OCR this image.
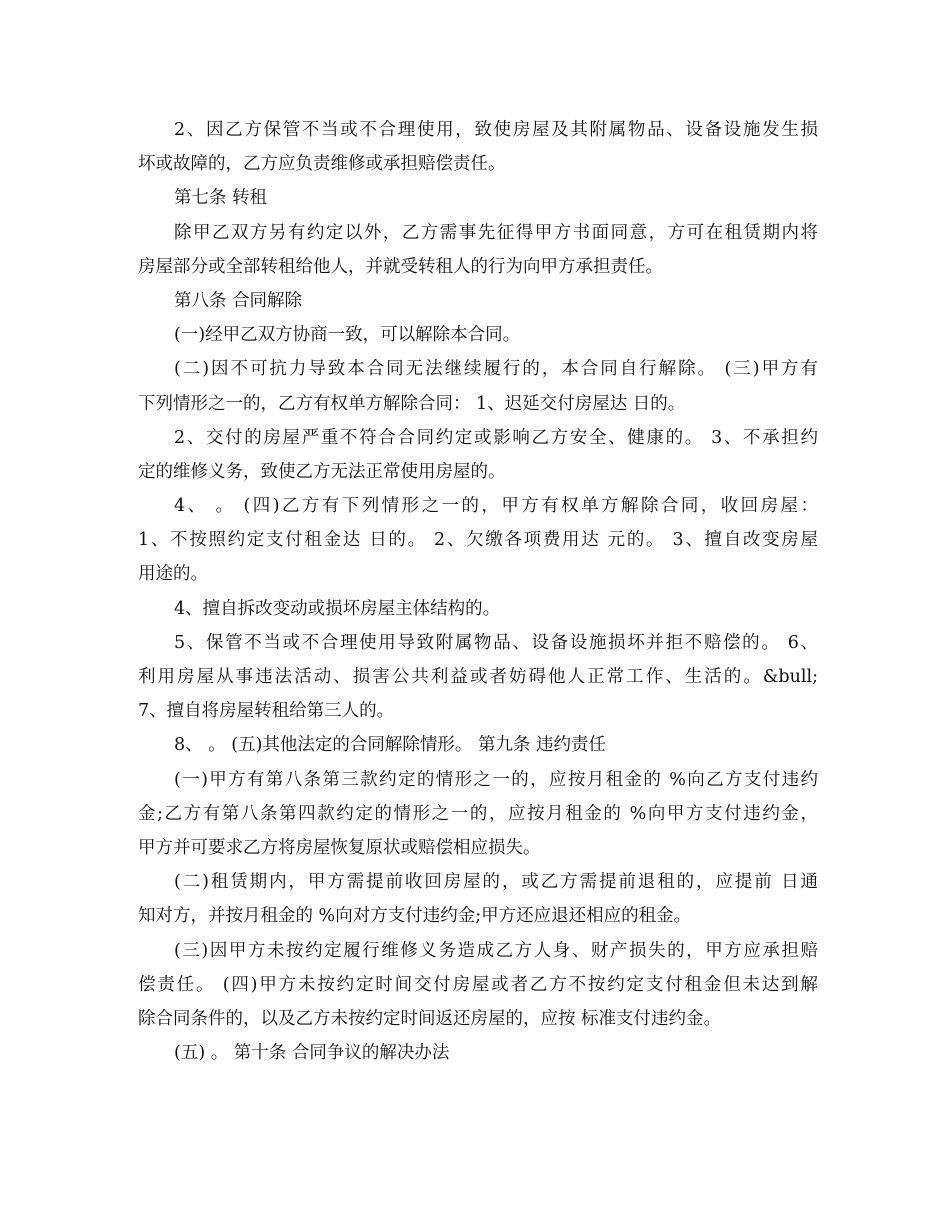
2、因乙方保管不当或不合理使用，致使房屋及其附属物品、设备设施发生损
坏或故障的，乙方应负责维修或承担赔偿责任。
第七条 转租
除甲乙双方另有约定以外，乙方需事先征得甲方书面同意，方可在租赁期内将
房屋部分或全部转租给他人，并就受转租人的行为向甲方承担责任。
第八条 合同解除
(一)经甲乙双方协商一致，可以解除本合同。
(二)因不可抗力导致本合同无法继续履行的，本合同自行解除。 (三)甲方有
下列情形之一的，乙方有权单方解除合同： 1、迟延交付房屋达 日的。
2、交付的房屋严重不符合合同约定或影响乙方安全、健康的。 3、不承担约
定的维修义务，致使乙方无法正常使用房屋的。
4、 。 (四)乙方有下列情形之一的，甲方有权单方解除合同，收回房屋：
1、不按照约定支付租金达 日的。 2、欠缴各项费用达 元的。 3、擅自改变房屋
用途的。
4、擅自拆改变动或损坏房屋主体结构的。
5、保管不当或不合理使用导致附属物品、设备设施损坏并拒不赔偿的。 6、
利用房屋从事违法活动、损害公共利益或者妨碍他人正常工作、生活的。&bull;
7、擅自将房屋转租给第三人的。
8、 。 (五)其他法定的合同解除情形。 第九条 违约责任
(一)甲方有第八条第三款约定的情形之一的，应按月租金的 %向乙方支付违约
金;乙方有第八条第四款约定的情形之一的，应按月租金的 %向甲方支付违约金，
甲方并可要求乙方将房屋恢复原状或赔偿相应损失。
(二)租赁期内，甲方需提前收回房屋的，或乙方需提前退租的，应提前 日通
知对方，并按月租金的 %向对方支付违约金;甲方还应退还相应的租金。
(三)因甲方未按约定履行维修义务造成乙方人身、财产损失的，甲方应承担赔
偿责任。 (四)甲方未按约定时间交付房屋或者乙方不按约定支付租金但未达到解
除合同条件的，以及乙方未按约定时间返还房屋的，应按 标准支付违约金。
(五) 。 第十条 合同争议的解决办法
